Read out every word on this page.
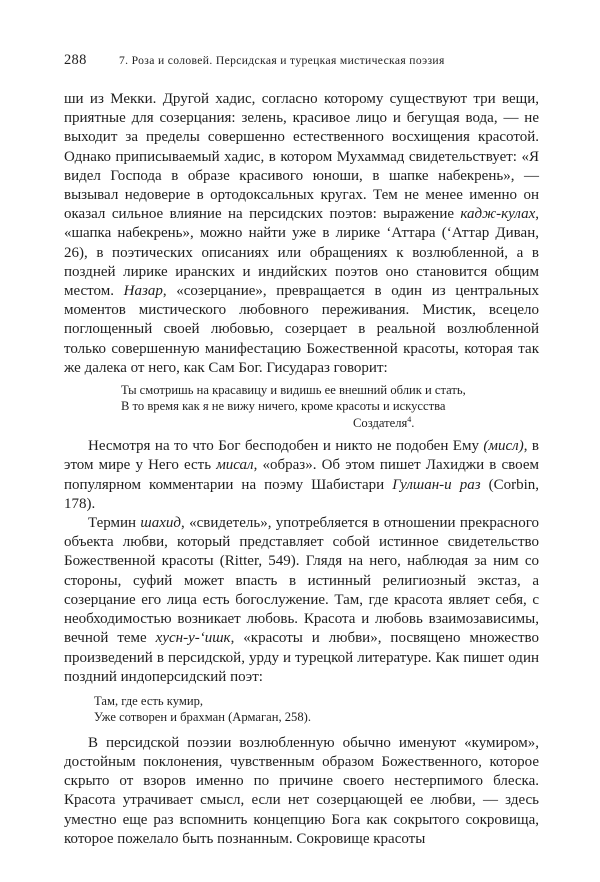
288	7. Роза и соловей. Персидская и турецкая мистическая поэзия

ши из Мекки. Другой хадис, согласно которому существуют три вещи, приятные для созерцания: зелень, красивое лицо и бегущая вода, — не выходит за пределы совершенно естественного восхищения красотой. Однако приписываемый хадис, в котором Мухаммад свидетельствует: «Я видел Господа в образе красивого юноши, в шапке набекрень», — вызывал недоверие в ортодоксальных кругах. Тем не менее именно он оказал сильное влияние на персидских поэтов: выражение кадж-кулах, «шапка набекрень», можно найти уже в лирике ‘Аттара (‘Аттар Диван, 26), в поэтических описаниях или обращениях к возлюбленной, а в поздней лирике иранских и индийских поэтов оно становится общим местом. Назар, «созерцание», превращается в один из центральных моментов мистического любовного переживания. Мистик, всецело поглощенный своей любовью, созерцает в реальной возлюбленной только совершенную манифестацию Божественной красоты, которая так же далека от него, как Сам Бог. Гисудараз говорит:

Ты смотришь на красавицу и видишь ее внешний облик и стать,
В то время как я не вижу ничего, кроме красоты и искусства
Создателя$^4$.

Несмотря на то что Бог бесподобен и никто не подобен Ему (мисл), в этом мире у Него есть мисал, «образ». Об этом пишет Лахиджи в своем популярном комментарии на поэму Шабистари Гулшан-и раз (Corbin, 178).

Термин шахид, «свидетель», употребляется в отношении прекрасного объекта любви, который представляет собой истинное свидетельство Божественной красоты (Ritter, 549). Глядя на него, наблюдая за ним со стороны, суфий может впасть в истинный религиозный экстаз, а созерцание его лица есть богослужение. Там, где красота являет себя, с необходимостью возникает любовь. Красота и любовь взаимозависимы, вечной теме хусн-у-‘ишк, «красоты и любви», посвящено множество произведений в персидской, урду и турецкой литературе. Как пишет один поздний индоперсидский поэт:

Там, где есть кумир,
Уже сотворен и брахман (Армаган, 258).

В персидской поэзии возлюбленную обычно именуют «кумиром», достойным поклонения, чувственным образом Божественного, которое скрыто от взоров именно по причине своего нестерпимого блеска. Красота утрачивает смысл, если нет созерцающей ее любви, — здесь уместно еще раз вспомнить концепцию Бога как сокрытого сокровища, которое пожелало быть познанным. Сокровище красоты
